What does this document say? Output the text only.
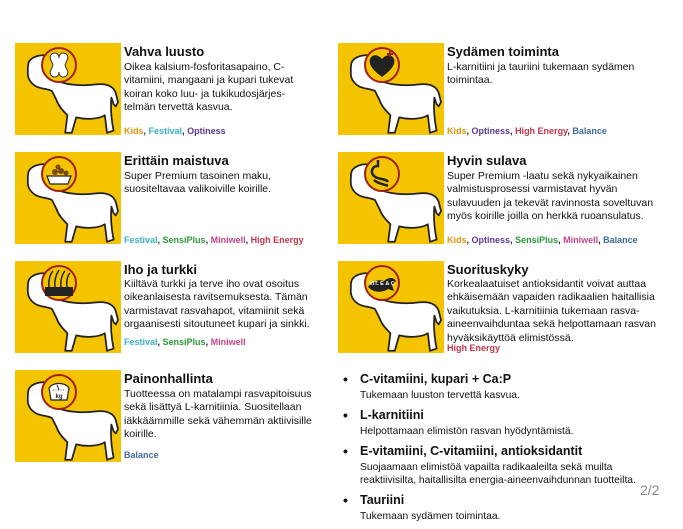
Vahva luusto
Oikea kalsium-fosforitasapaino, C-vitamiini, mangaani ja kupari tukevat koiran koko luu- ja tukikudosjärjes-telmän tervettä kasvua.
Kids, Festival, Optiness
Sydämen toiminta
L-karnitiini ja tauriini tukemaan sydämen toimintaa.
Kids, Optiness, High Energy, Balance
Erittäin maistuva
Super Premium tasoinen maku, suositeltavaa valikoiville koirille.
Festival, SensiPlus, Miniwell, High Energy
Hyvin sulava
Super Premium -laatu sekä nykyaikainen valmistusprosessi varmistavat hyvän sulavuuden ja tekevät ravinnosta soveltuvan myös koirille joilla on herkkä ruoansulatus.
Kids, Optiness, SensiPlus, Miniwell, Balance
Iho ja turkki
Kiiltävä turkki ja terve iho ovat osoitus oikeanlaisesta ravitsemuksesta. Tämän varmistavat rasvahapot, vitamiinit sekä orgaanisesti sitoutuneet kupari ja sinkki.
Festival, SensiPlus, Miniwell
VIT. E & C
Suorituskyky
Korkealaatuiset antioksidantit voivat auttaa ehkäisemään vapaiden radikaalien haitallisia vaikutuksia. L-karnitiinia tukemaan rasva-aineenvaihduntaa sekä helpottamaan rasvan hyväksikäyttöä elimistössä.
High Energy
kg
Painonhallinta
Tuotteessa on matalampi rasvapitoisuus sekä lisättyä L-karnitiinia. Suositellaan iäkkäämmille sekä vähemmän aktiivisille koirille.
Balance
• C-vitamiini, kupari + Ca:P
Tukemaan luuston tervettä kasvua.
• L-karnitiini
Helpottamaan elimistön rasvan hyödyntämistä.
• E-vitamiini, C-vitamiini, antioksidantit
Suojaamaan elimistöä vapailta radikaaleilta sekä muilta reaktiivisilta, haitallisilta energia-aineenvaihdunnan tuotteilta.
• Tauriini
Tukemaan sydämen toimintaa.
2/2
